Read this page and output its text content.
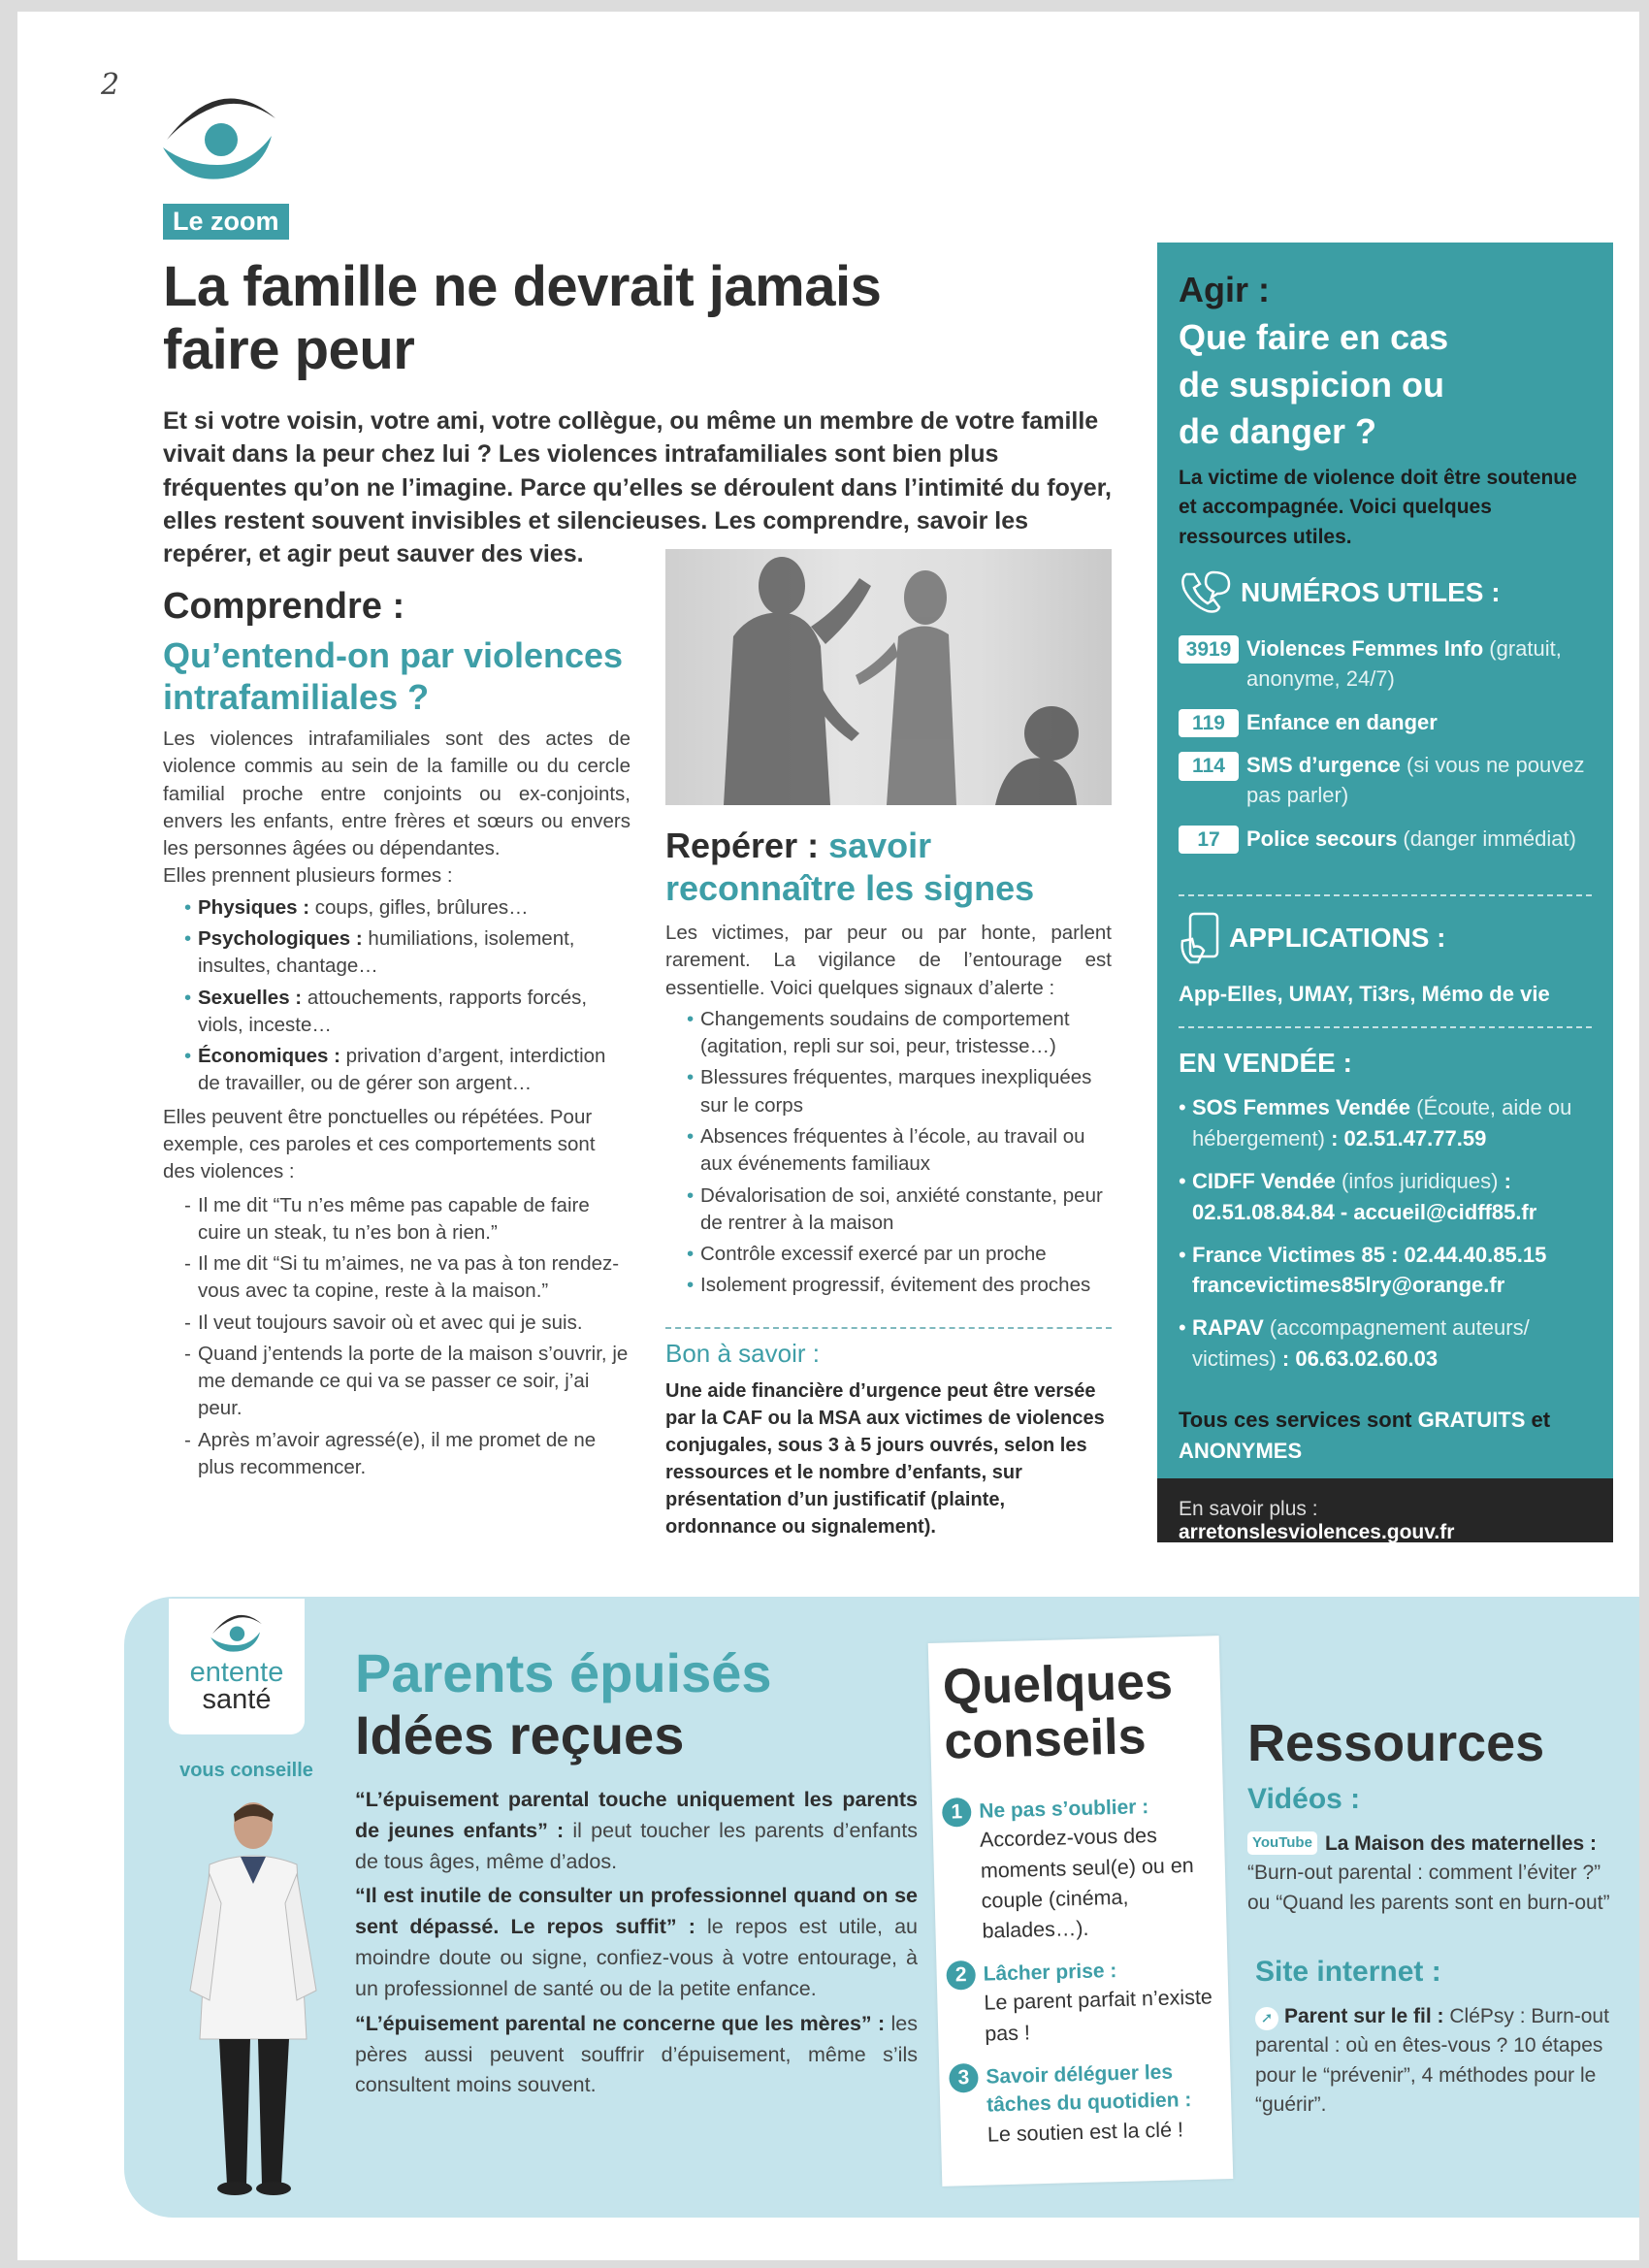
2
Le zoom
La famille ne devrait jamais
faire peur
Et si votre voisin, votre ami, votre collègue, ou même un membre de votre famille vivait dans la peur chez lui ? Les violences intrafamiliales sont bien plus fréquentes qu’on ne l’imagine. Parce qu’elles se déroulent dans l’intimité du foyer, elles restent souvent invisibles et silencieuses. Les comprendre, savoir les repérer, et agir peut sauver des vies.
Comprendre :
Qu’entend-on par violences intrafamiliales ?

Les violences intrafamiliales sont des actes de violence commis au sein de la famille ou du cercle familial proche entre conjoints ou ex-conjoints, envers les enfants, entre frères et sœurs ou envers les personnes âgées ou dépendantes.

Elles prennent plusieurs formes :
• Physiques : coups, gifles, brûlures…
• Psychologiques : humiliations, isolement, insultes, chantage…
• Sexuelles : attouchements, rapports forcés, viols, inceste…
• Économiques : privation d’argent, interdiction de travailler, ou de gérer son argent…
Elles peuvent être ponctuelles ou répétées. Pour exemple, ces paroles et ces comportements sont des violences :
- Il me dit “Tu n’es même pas capable de faire cuire un steak, tu n’es bon à rien.”
- Il me dit “Si tu m’aimes, ne va pas à ton rendez-vous avec ta copine, reste à la maison.”
- Il veut toujours savoir où et avec qui je suis.
- Quand j’entends la porte de la maison s’ouvrir, je me demande ce qui va se passer ce soir, j’ai peur.
- Après m’avoir agressé(e), il me promet de ne plus recommencer.
Repérer : savoir reconnaître les signes

Les victimes, par peur ou par honte, parlent rarement. La vigilance de l’entourage est essentielle. Voici quelques signaux d’alerte :

• Changements soudains de comportement (agitation, repli sur soi, peur, tristesse…)
• Blessures fréquentes, marques inexpliquées sur le corps
• Absences fréquentes à l’école, au travail ou aux événements familiaux
• Dévalorisation de soi, anxiété constante, peur de rentrer à la maison
• Contrôle excessif exercé par un proche
• Isolement progressif, évitement des proches
Bon à savoir :
Une aide financière d’urgence peut être versée par la CAF ou la MSA aux victimes de violences conjugales, sous 3 à 5 jours ouvrés, selon les ressources et le nombre d’enfants, sur présentation d’un justificatif (plainte, ordonnance ou signalement).
Agir :
Que faire en cas
de suspicion ou
de danger ?
La victime de violence doit être soutenue et accompagnée. Voici quelques ressources utiles.
NUMÉROS UTILES :
3919 Violences Femmes Info (gratuit, anonyme, 24/7)
119	Enfance en danger
114	SMS d’urgence (si vous ne pouvez pas parler)
17	Police secours (danger immédiat)
APPLICATIONS :
App-Elles, UMAY, Ti3rs, Mémo de vie
EN VENDÉE :
• SOS Femmes Vendée (Écoute, aide ou hébergement) : 02.51.47.77.59
• CIDFF Vendée (infos juridiques) : 02.51.08.84.84 - accueil@cidff85.fr
• France Victimes 85 : 02.44.40.85.15 francevictimes85lry@orange.fr
• RAPAV (accompagnement auteurs/ victimes) : 06.63.02.60.03
Tous ces services sont GRATUITS et ANONYMES
En savoir plus : arretonslesviolences.gouv.fr
entente
santé
vous conseille
Parents épuisés
Idées reçues

“L’épuisement parental touche uniquement les parents de jeunes enfants” : il peut toucher les parents d’enfants de tous âges, même d’ados.

“Il est inutile de consulter un professionnel quand on se sent dépassé. Le repos suffit” : le repos est utile, au moindre doute ou signe, confiez-vous à votre entourage, à un professionnel de santé ou de la petite enfance.

“L’épuisement parental ne concerne que les mères” : les pères aussi peuvent souffrir d’épuisement, même s’ils consultent moins souvent.

Quelques
conseils
1 Ne pas s’oublier :
Accordez-vous des moments seul(e) ou en couple (cinéma, balades…).
2 Lâcher prise :
Le parent parfait n’existe pas !
3 Savoir déléguer les tâches du quotidien :
Le soutien est la clé !
Ressources
Vidéos :
YouTube La Maison des maternelles :
“Burn-out parental : comment l’éviter ?” ou “Quand les parents sont en burn-out”
Site internet :
➚ Parent sur le fil : CléPsy : Burn-out parental : où en êtes-vous ? 10 étapes pour le “prévenir”, 4 méthodes pour le “guérir”.
